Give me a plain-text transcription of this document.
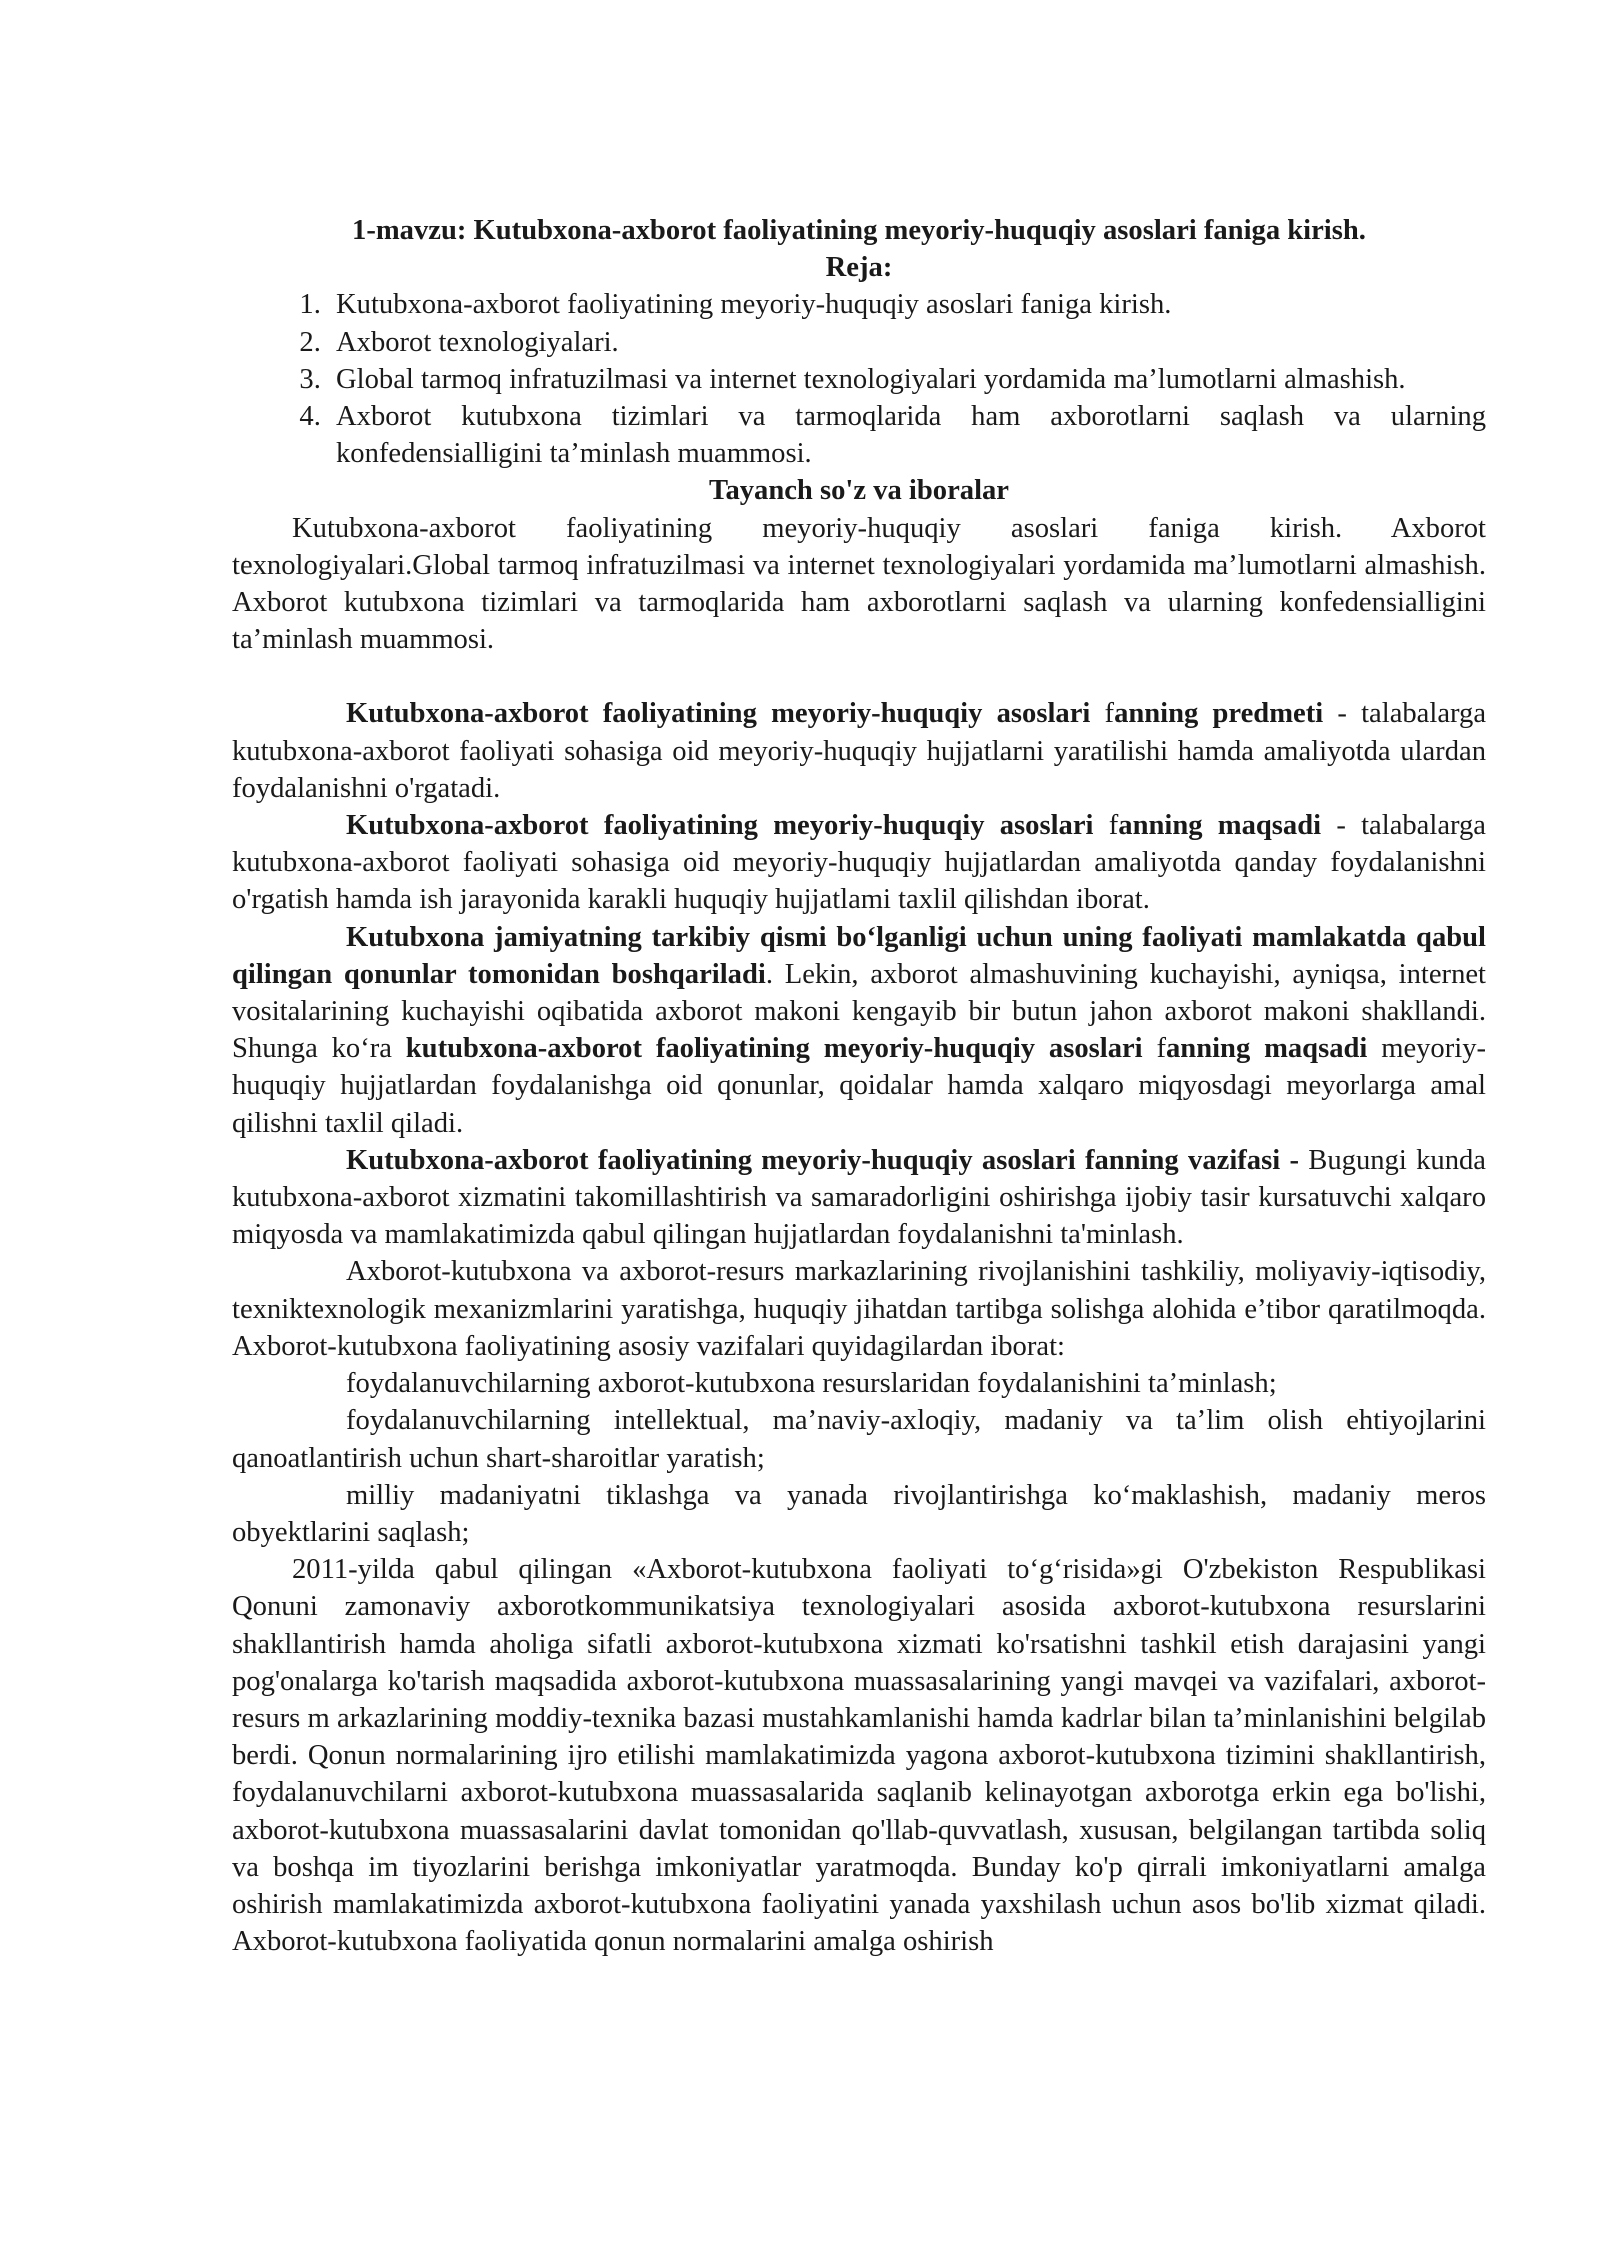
1-mavzu: Kutubxona-axborot faoliyatining meyoriy-huquqiy asoslari faniga kirish.
Reja:
1. Kutubxona-axborot faoliyatining meyoriy-huquqiy asoslari faniga kirish.
2. Axborot texnologiyalari.
3. Global tarmoq infratuzilmasi va internet texnologiyalari yordamida ma’lumotlarni almashish.
4. Axborot kutubxona tizimlari va tarmoqlarida ham axborotlarni saqlash va ularning konfedensialligini ta’minlash muammosi.
Tayanch so'z va iboralar

Kutubxona-axborot faoliyatining meyoriy-huquqiy asoslari faniga kirish. Axborot texnologiyalari.Global tarmoq infratuzilmasi va internet texnologiyalari yordamida ma’lumotlarni almashish. Axborot kutubxona tizimlari va tarmoqlarida ham axborotlarni saqlash va ularning konfedensialligini ta’minlash muammosi.

Kutubxona-axborot faoliyatining meyoriy-huquqiy asoslari fanning predmeti - talabalarga kutubxona-axborot faoliyati sohasiga oid meyoriy-huquqiy hujjatlarni yaratilishi hamda amaliyotda ulardan foydalanishni o'rgatadi.

Kutubxona-axborot faoliyatining meyoriy-huquqiy asoslari fanning maqsadi - talabalarga kutubxona-axborot faoliyati sohasiga oid meyoriy-huquqiy hujjatlardan amaliyotda qanday foydalanishni o'rgatish hamda ish jarayonida karakli huquqiy hujjatlami taxlil qilishdan iborat.

Kutubxona jamiyatning tarkibiy qismi bo‘lganligi uchun uning faoliyati mamlakatda qabul qilingan qonunlar tomonidan boshqariladi. Lekin, axborot almashuvining kuchayishi, ayniqsa, internet vositalarining kuchayishi oqibatida axborot makoni kengayib bir butun jahon axborot makoni shakllandi. Shunga ko‘ra kutubxona-axborot faoliyatining meyoriy-huquqiy asoslari fanning maqsadi meyoriy-huquqiy hujjatlardan foydalanishga oid qonunlar, qoidalar hamda xalqaro miqyosdagi meyorlarga amal qilishni taxlil qiladi.

Kutubxona-axborot faoliyatining meyoriy-huquqiy asoslari fanning vazifasi - Bugungi kunda kutubxona-axborot xizmatini takomillashtirish va samaradorligini oshirishga ijobiy tasir kursatuvchi xalqaro miqyosda va mamlakatimizda qabul qilingan hujjatlardan foydalanishni ta'minlash.

Axborot-kutubxona va axborot-resurs markazlarining rivojlanishini tashkiliy, moliyaviy-iqtisodiy, texniktexnologik mexanizmlarini yaratishga, huquqiy jihatdan tartibga solishga alohida e’tibor qaratilmoqda. Axborot-kutubxona faoliyatining asosiy vazifalari quyidagilardan iborat:

foydalanuvchilarning axborot-kutubxona resurslaridan foydalanishini ta’minlash;

foydalanuvchilarning intellektual, ma’naviy-axloqiy, madaniy va ta’lim olish ehtiyojlarini qanoatlantirish uchun shart-sharoitlar yaratish;

milliy madaniyatni tiklashga va yanada rivojlantirishga ko‘maklashish, madaniy meros obyektlarini saqlash;

2011-yilda qabul qilingan «Axborot-kutubxona faoliyati to‘g‘risida»gi O'zbekiston Respublikasi Qonuni zamonaviy axborotkommunikatsiya texnologiyalari asosida axborot-kutubxona resurslarini shakllantirish hamda aholiga sifatli axborot-kutubxona xizmati ko'rsatishni tashkil etish darajasini yangi pog'onalarga ko'tarish maqsadida axborot-kutubxona muassasalarining yangi mavqei va vazifalari, axborot-resurs m arkazlarining moddiy-texnika bazasi mustahkamlanishi hamda kadrlar bilan ta’minlanishini belgilab berdi. Qonun normalarining ijro etilishi mamlakatimizda yagona axborot-kutubxona tizimini shakllantirish, foydalanuvchilarni axborot-kutubxona muassasalarida saqlanib kelinayotgan axborotga erkin ega bo'lishi, axborot-kutubxona muassasalarini davlat tomonidan qo'llab-quvvatlash, xususan, belgilangan tartibda soliq va boshqa im tiyozlarini berishga imkoniyatlar yaratmoqda. Bunday ko'p qirrali imkoniyatlarni amalga oshirish mamlakatimizda axborot-kutubxona faoliyatini yanada yaxshilash uchun asos bo'lib xizmat qiladi. Axborot-kutubxona faoliyatida qonun normalarini amalga oshirish
